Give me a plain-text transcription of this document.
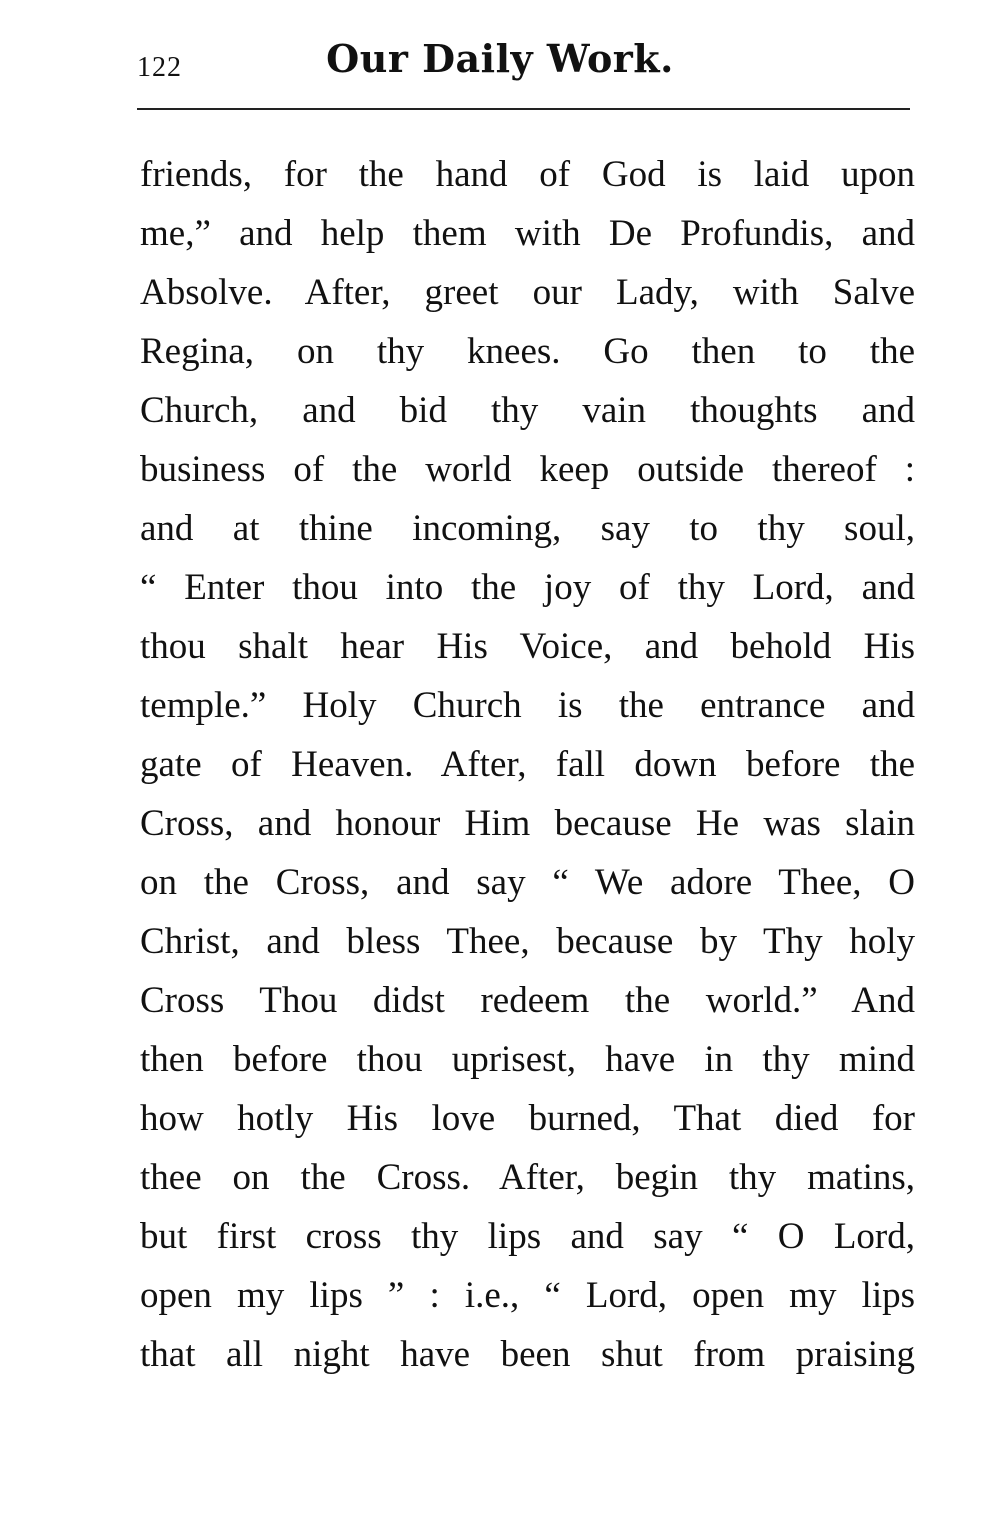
122	Our Daily Work.
friends, for the hand of God is laid upon
me,” and help them with De Profundis, and
Absolve. After, greet our Lady, with Salve
Regina, on thy knees. Go then to the
Church, and bid thy vain thoughts and
business of the world keep outside thereof :
and at thine incoming, say to thy soul,
“ Enter thou into the joy of thy Lord, and
thou shalt hear His Voice, and behold His
temple.” Holy Church is the entrance and
gate of Heaven. After, fall down before the
Cross, and honour Him because He was slain
on the Cross, and say “ We adore Thee, O
Christ, and bless Thee, because by Thy holy
Cross Thou didst redeem the world.” And
then before thou uprisest, have in thy mind
how hotly His love burned, That died for
thee on the Cross. After, begin thy matins,
but first cross thy lips and say “ O Lord,
open my lips ” : i.e., “ Lord, open my lips
that all night have been shut from praising
